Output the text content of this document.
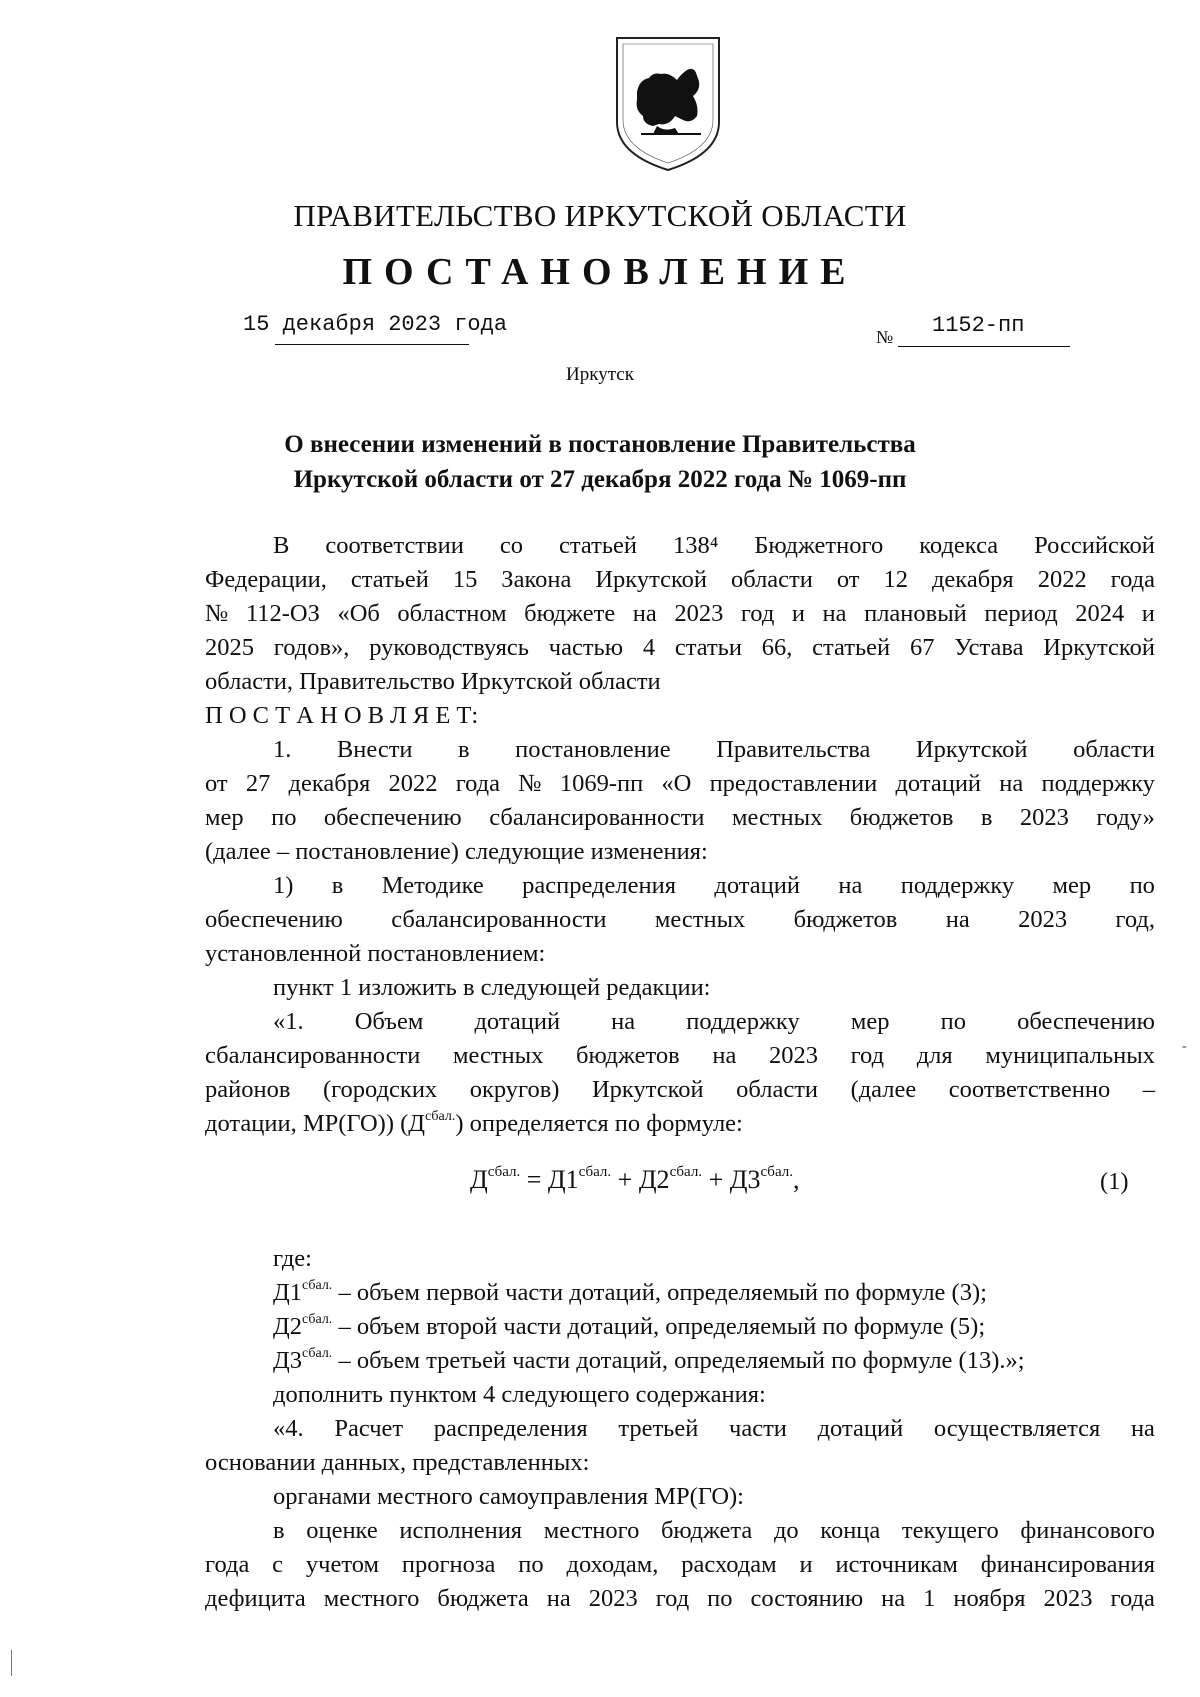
ПРАВИТЕЛЬСТВО ИРКУТСКОЙ ОБЛАСТИ
ПОСТАНОВЛЕНИЕ
15 декабря 2023 года	№ 1152-пп
Иркутск
О внесении изменений в постановление Правительства
Иркутской области от 27 декабря 2022 года № 1069-пп
В соответствии со статьей 138⁴ Бюджетного кодекса Российской
Федерации, статьей 15 Закона Иркутской области от 12 декабря 2022 года
№ 112-ОЗ «Об областном бюджете на 2023 год и на плановый период 2024 и
2025 годов», руководствуясь частью 4 статьи 66, статьей 67 Устава Иркутской
области, Правительство Иркутской области
П О С Т А Н О В Л Я Е Т:
1. Внести в постановление Правительства Иркутской области
от 27 декабря 2022 года № 1069-пп «О предоставлении дотаций на поддержку
мер по обеспечению сбалансированности местных бюджетов в 2023 году»
(далее – постановление) следующие изменения:
1) в Методике распределения дотаций на поддержку мер по
обеспечению сбалансированности местных бюджетов на 2023 год,
установленной постановлением:
пункт 1 изложить в следующей редакции:
«1. Объем дотаций на поддержку мер по обеспечению
сбалансированности местных бюджетов на 2023 год для муниципальных
районов (городских округов) Иркутской области (далее соответственно –
дотации, МР(ГО)) $(Д^{сбал.})$ определяется по формуле:
где:
$Д1^{сбал.}$ – объем первой части дотаций, определяемый по формуле (3);
$Д2^{сбал.}$ – объем второй части дотаций, определяемый по формуле (5);
$Д3^{сбал.}$ – объем третьей части дотаций, определяемый по формуле (13).»;
дополнить пунктом 4 следующего содержания:
«4. Расчет распределения третьей части дотаций осуществляется на
основании данных, представленных:
органами местного самоуправления МР(ГО):
в оценке исполнения местного бюджета до конца текущего финансового
года с учетом прогноза по доходам, расходам и источникам финансирования
дефицита местного бюджета на 2023 год по состоянию на 1 ноября 2023 года
$Д^{сбал.} = Д1^{сбал.} + Д2^{сбал.} + Д3^{сбал.}$,	(1)
-
